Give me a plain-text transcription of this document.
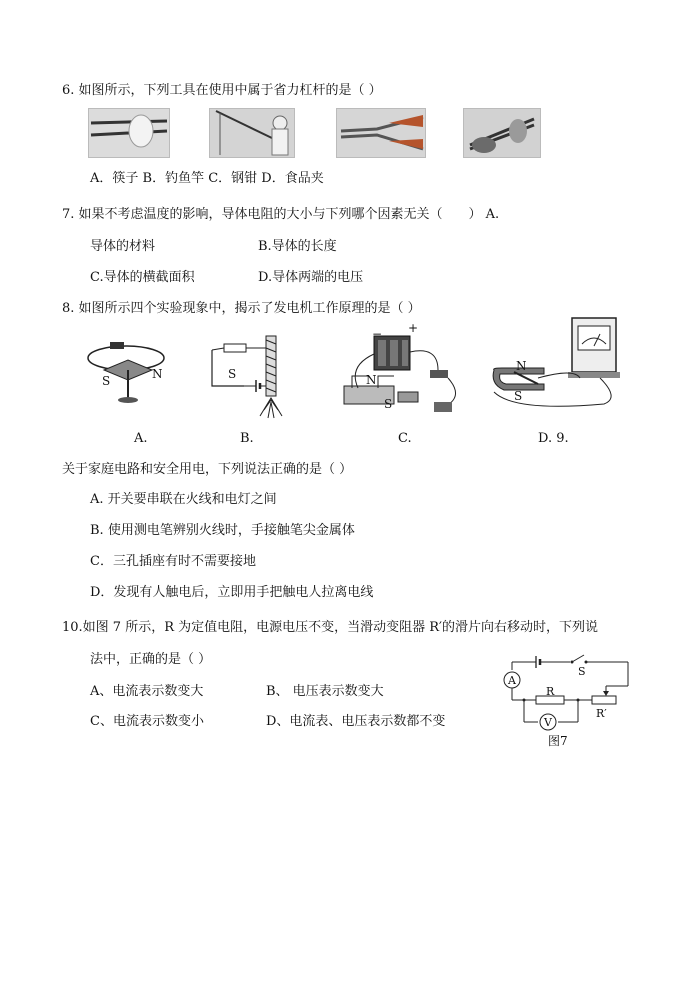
6. 如图所示，下列工具在使用中属于省力杠杆的是（ ）
A．筷子 B．钓鱼竿 C．钢钳 D．食品夹
7. 如果不考虑温度的影响，导体电阻的大小与下列哪个因素无关（　　） A.
导体的材料	B.导体的长度
C.导体的横截面积	D.导体两端的电压
8. 如图所示四个实验现象中，揭示了发电机工作原理的是（ ）
S	N	S
− +
N
S
N
S
A.	B.	C.	D. 9.
关于家庭电路和安全用电，下列说法正确的是（ ）
A. 开关要串联在火线和电灯之间
B. 使用测电笔辨别火线时，手接触笔尖金属体
C．三孔插座有时不需要接地
D．发现有人触电后，立即用手把触电人拉离电线
10.如图 7 所示，R 为定值电阻，电源电压不变，当滑动变阻器 R′的滑片向右移动时，下列说
法中，正确的是（ ）
A、电流表示数变大	B、 电压表示数变大
C、电流表示数变小	D、电流表、电压表示数都不变
A
S
R
R′
V
图7
